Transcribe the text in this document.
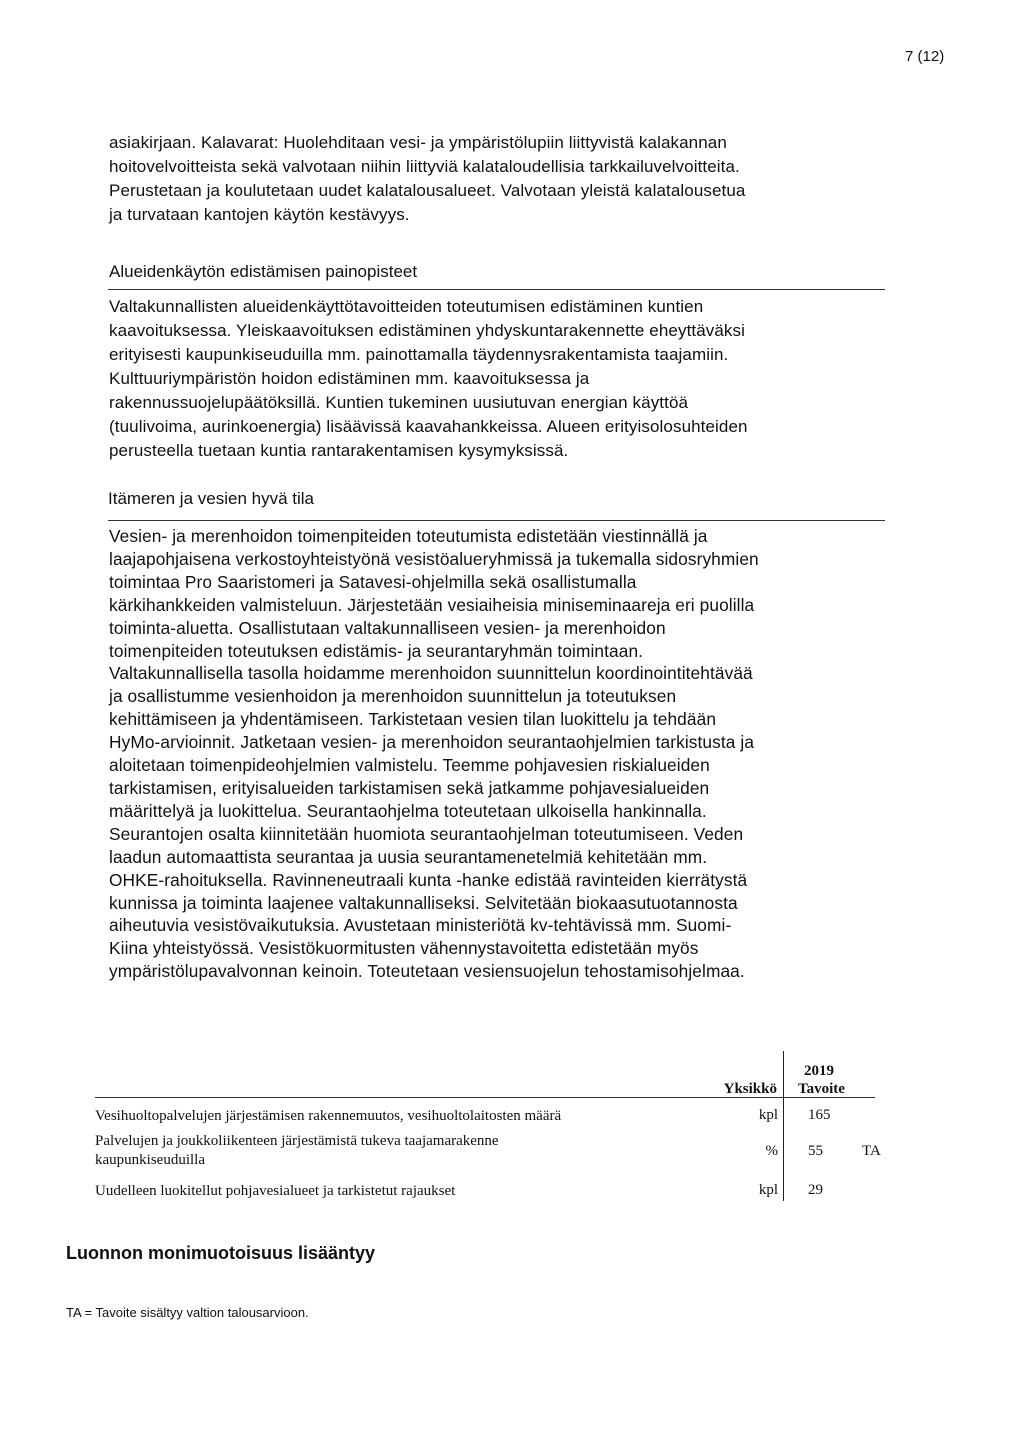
7 (12)

asiakirjaan. Kalavarat: Huolehditaan vesi- ja ympäristölupiin liittyvistä kalakannan

hoitovelvoitteista sekä valvotaan niihin liittyviä kalataloudellisia tarkkailuvelvoitteita.

Perustetaan ja koulutetaan uudet kalatalousalueet. Valvotaan yleistä kalatalousetua

ja turvataan kantojen käytön kestävyys.

Alueidenkäytön edistämisen painopisteet

Valtakunnallisten alueidenkäyttötavoitteiden toteutumisen edistäminen kuntien

kaavoituksessa. Yleiskaavoituksen edistäminen yhdyskuntarakennette eheyttäväksi

erityisesti kaupunkiseuduilla mm. painottamalla täydennysrakentamista taajamiin.

Kulttuuriympäristön hoidon edistäminen mm. kaavoituksessa ja

rakennussuojelupäätöksillä. Kuntien tukeminen uusiutuvan energian käyttöä

(tuulivoima, aurinkoenergia) lisäävissä kaavahankkeissa. Alueen erityisolosuhteiden

perusteella tuetaan kuntia rantarakentamisen kysymyksissä.

Itämeren ja vesien hyvä tila

Vesien- ja merenhoidon toimenpiteiden toteutumista edistetään viestinnällä ja

laajapohjaisena verkostoyhteistyönä vesistöalueryhmissä ja tukemalla sidosryhmien

toimintaa Pro Saaristomeri ja Satavesi-ohjelmilla sekä osallistumalla

kärkihankkeiden valmisteluun. Järjestetään vesiaiheisia miniseminaareja eri puolilla

toiminta-aluetta. Osallistutaan valtakunnalliseen vesien- ja merenhoidon

toimenpiteiden toteutuksen edistämis- ja seurantaryhmän toimintaan.

Valtakunnallisella tasolla hoidamme merenhoidon suunnittelun koordinointitehtävää

ja osallistumme vesienhoidon ja merenhoidon suunnittelun ja toteutuksen

kehittämiseen ja yhdentämiseen. Tarkistetaan vesien tilan luokittelu ja tehdään

HyMo-arvioinnit. Jatketaan vesien- ja merenhoidon seurantaohjelmien tarkistusta ja

aloitetaan toimenpideohjelmien valmistelu. Teemme pohjavesien riskialueiden

tarkistamisen, erityisalueiden tarkistamisen sekä jatkamme pohjavesialueiden

määrittelyä ja luokittelua. Seurantaohjelma toteutetaan ulkoisella hankinnalla.

Seurantojen osalta kiinnitetään huomiota seurantaohjelman toteutumiseen. Veden

laadun automaattista seurantaa ja uusia seurantamenetelmiä kehitetään mm.

OHKE-rahoituksella. Ravinneneutraali kunta -hanke edistää ravinteiden kierrätystä

kunnissa ja toiminta laajenee valtakunnalliseksi. Selvitetään biokaasutuotannosta

aiheutuvia vesistövaikutuksia. Avustetaan ministeriötä kv-tehtävissä mm. Suomi-

Kiina yhteistyössä. Vesistökuormitusten vähennystavoitetta edistetään myös

ympäristölupavalvonnan keinoin. Toteutetaan vesiensuojelun tehostamisohjelmaa.

2019
Yksikkö Tavoite
Vesihuoltopalvelujen järjestämisen rakennemuutos, vesihuoltolaitosten määrä	kpl 165
Palvelujen ja joukkoliikenteen järjestämistä tukeva taajamarakenne
kaupunkiseuduilla
% 55	TA
Uudelleen luokitellut pohjavesialueet ja tarkistetut rajaukset	kpl 29
Luonnon monimuotoisuus lisääntyy
TA = Tavoite sisältyy valtion talousarvioon.
